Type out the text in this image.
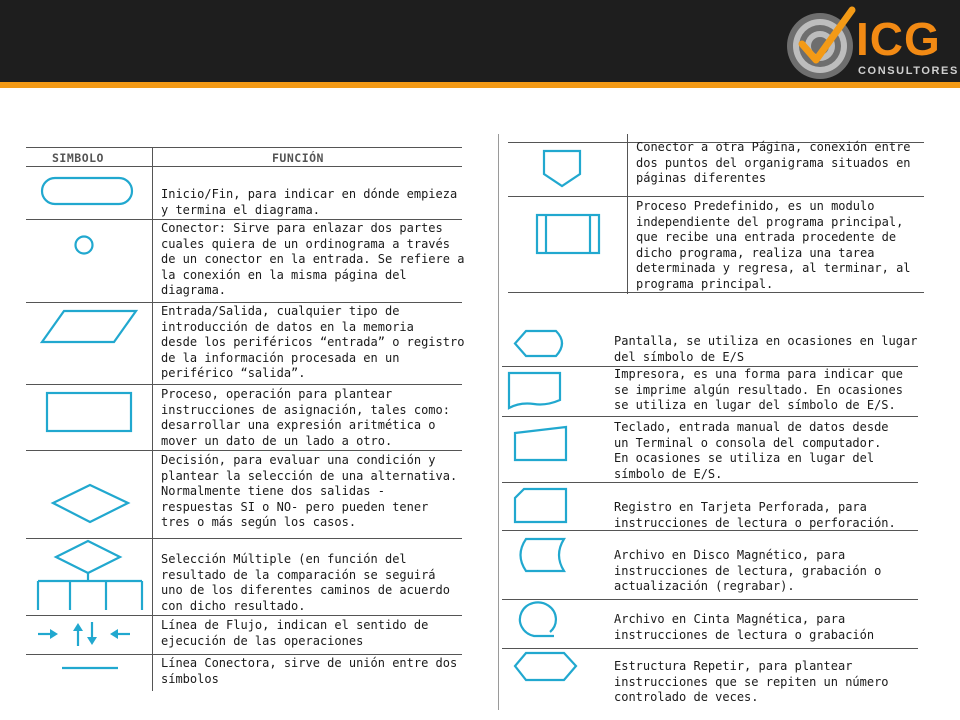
ICG
CONSULTORES
SIMBOLO	FUNCIÓN
Inicio/Fin, para indicar en dónde empieza
y termina el diagrama.
Conector: Sirve para enlazar dos partes
cuales quiera de un ordinograma a través
de un conector en la entrada. Se refiere a
la conexión en la misma página del
diagrama.
Entrada/Salida, cualquier tipo de
introducción de datos en la memoria
desde los periféricos “entrada” o registro
de la información procesada en un
periférico “salida”.
Proceso, operación para plantear
instrucciones de asignación, tales como:
desarrollar una expresión aritmética o
mover un dato de un lado a otro.
Decisión, para evaluar una condición y
plantear la selección de una alternativa.
Normalmente tiene dos salidas -
respuestas SI o NO- pero pueden tener
tres o más según los casos.
Selección Múltiple (en función del
resultado de la comparación se seguirá
uno de los diferentes caminos de acuerdo
con dicho resultado.
Línea de Flujo, indican el sentido de
ejecución de las operaciones
Línea Conectora, sirve de unión entre dos
símbolos
Conector a otra Página, conexión entre
dos puntos del organigrama situados en
páginas diferentes
Proceso Predefinido, es un modulo
independiente del programa principal,
que recibe una entrada procedente de
dicho programa, realiza una tarea
determinada y regresa, al terminar, al
programa principal.
Pantalla, se utiliza en ocasiones en lugar
del símbolo de E/S
Impresora, es una forma para indicar que
se imprime algún resultado. En ocasiones
se utiliza en lugar del símbolo de E/S.
Teclado, entrada manual de datos desde
un Terminal o consola del computador.
En ocasiones se utiliza en lugar del
símbolo de E/S.
Registro en Tarjeta Perforada, para
instrucciones de lectura o perforación.
Archivo en Disco Magnético, para
instrucciones de lectura, grabación o
actualización (regrabar).
Archivo en Cinta Magnética, para
instrucciones de lectura o grabación
Estructura Repetir, para plantear
instrucciones que se repiten un número
controlado de veces.
